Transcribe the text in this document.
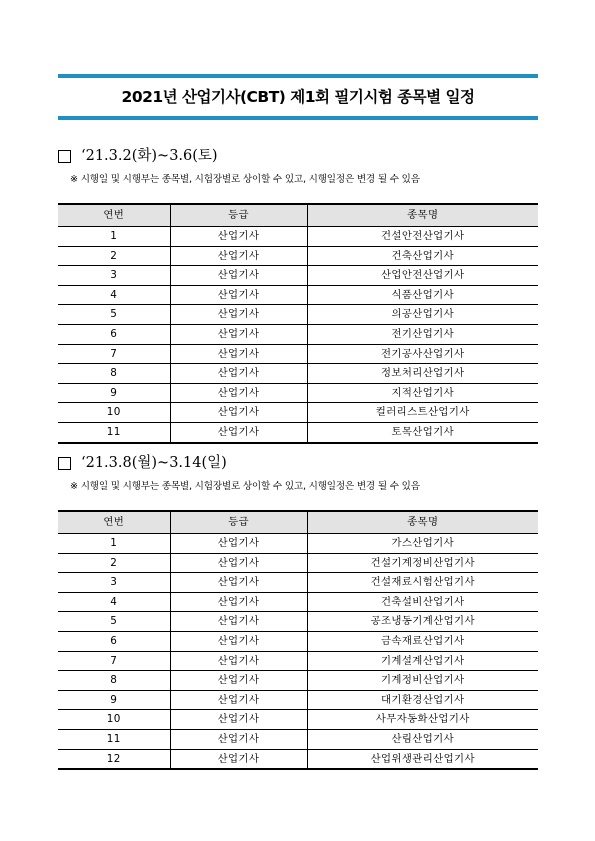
2021년 산업기사(CBT) 제1회 필기시험 종목별 일정
‘21.3.2(화)~3.6(토)
※ 시행일 및 시행부는 종목별, 시험장별로 상이할 수 있고, 시행일정은 변경 될 수 있음
연번	등급	종목명
1	산업기사	건설안전산업기사
2	산업기사	건축산업기사
3	산업기사	산업안전산업기사
4	산업기사	식품산업기사
5	산업기사	의공산업기사
6	산업기사	전기산업기사
7	산업기사	전기공사산업기사
8	산업기사	정보처리산업기사
9	산업기사	지적산업기사
10	산업기사	컬러리스트산업기사
11	산업기사	토목산업기사
‘21.3.8(월)~3.14(일)
※ 시행일 및 시행부는 종목별, 시험장별로 상이할 수 있고, 시행일정은 변경 될 수 있음
연번	등급	종목명
1	산업기사	가스산업기사
2	산업기사	건설기계정비산업기사
3	산업기사	건설재료시험산업기사
4	산업기사	건축설비산업기사
5	산업기사	공조냉동기계산업기사
6	산업기사	금속재료산업기사
7	산업기사	기계설계산업기사
8	산업기사	기계정비산업기사
9	산업기사	대기환경산업기사
10	산업기사	사무자동화산업기사
11	산업기사	산림산업기사
12	산업기사	산업위생관리산업기사
